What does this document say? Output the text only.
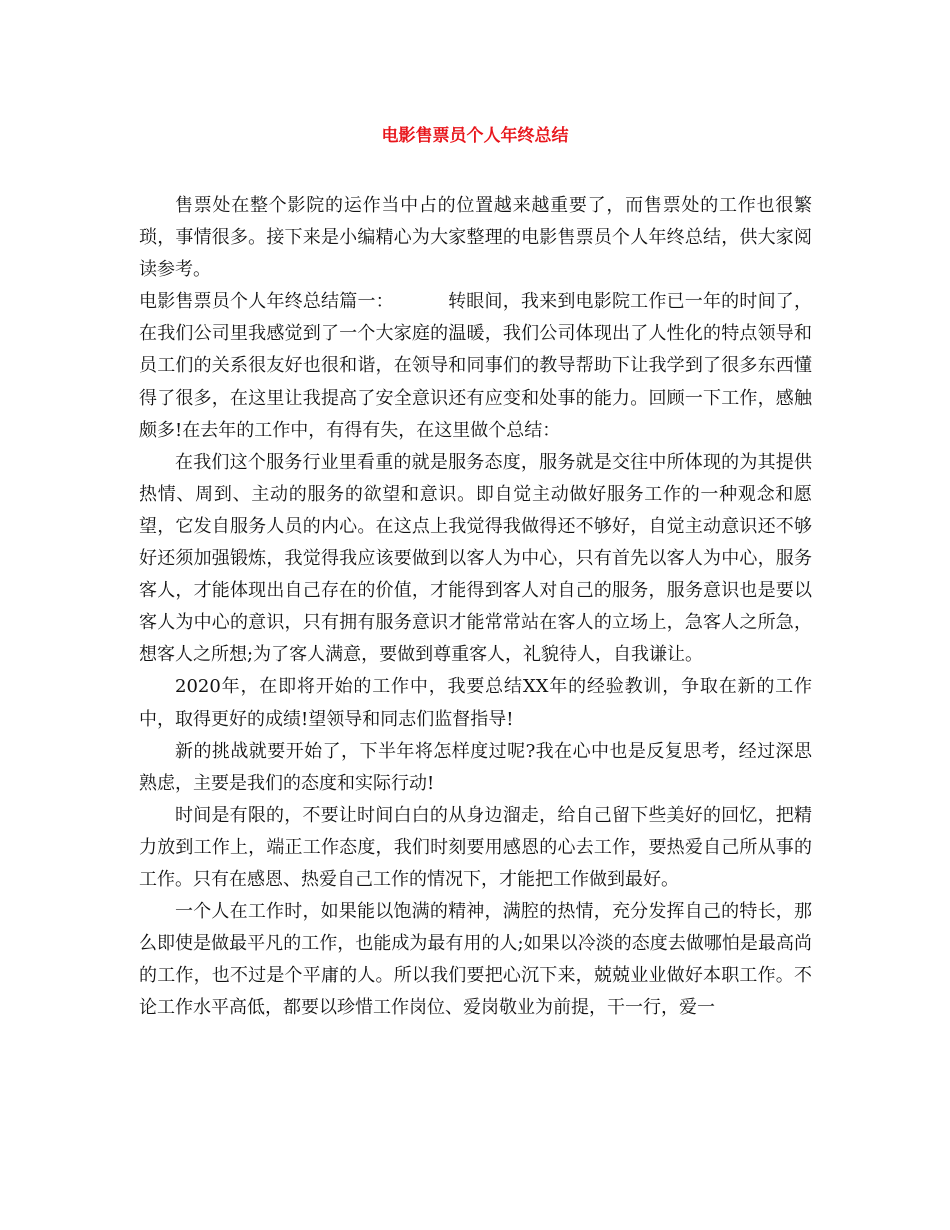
电影售票员个人年终总结

售票处在整个影院的运作当中占的位置越来越重要了，而售票处的工作也很繁琐，事情很多。接下来是小编精心为大家整理的电影售票员个人年终总结，供大家阅读参考。

电影售票员个人年终总结篇一：	转眼间，我来到电影院工作已一年的时间了，在我们公司里我感觉到了一个大家庭的温暖，我们公司体现出了人性化的特点领导和员工们的关系很友好也很和谐，在领导和同事们的教导帮助下让我学到了很多东西懂得了很多，在这里让我提高了安全意识还有应变和处事的能力。回顾一下工作，感触颇多!在去年的工作中，有得有失，在这里做个总结：

在我们这个服务行业里看重的就是服务态度，服务就是交往中所体现的为其提供热情、周到、主动的服务的欲望和意识。即自觉主动做好服务工作的一种观念和愿望，它发自服务人员的内心。在这点上我觉得我做得还不够好，自觉主动意识还不够好还须加强锻炼，我觉得我应该要做到以客人为中心，只有首先以客人为中心，服务客人，才能体现出自己存在的价值，才能得到客人对自己的服务，服务意识也是要以客人为中心的意识，只有拥有服务意识才能常常站在客人的立场上，急客人之所急，想客人之所想;为了客人满意，要做到尊重客人，礼貌待人，自我谦让。

2020年，在即将开始的工作中，我要总结XX年的经验教训，争取在新的工作中，取得更好的成绩!望领导和同志们监督指导!

新的挑战就要开始了，下半年将怎样度过呢?我在心中也是反复思考，经过深思熟虑，主要是我们的态度和实际行动!

时间是有限的，不要让时间白白的从身边溜走，给自己留下些美好的回忆，把精力放到工作上，端正工作态度，我们时刻要用感恩的心去工作，要热爱自己所从事的工作。只有在感恩、热爱自己工作的情况下，才能把工作做到最好。

一个人在工作时，如果能以饱满的精神，满腔的热情，充分发挥自己的特长，那么即使是做最平凡的工作，也能成为最有用的人;如果以冷淡的态度去做哪怕是最高尚的工作，也不过是个平庸的人。所以我们要把心沉下来，兢兢业业做好本职工作。不论工作水平高低，都要以珍惜工作岗位、爱岗敬业为前提，干一行，爱一
